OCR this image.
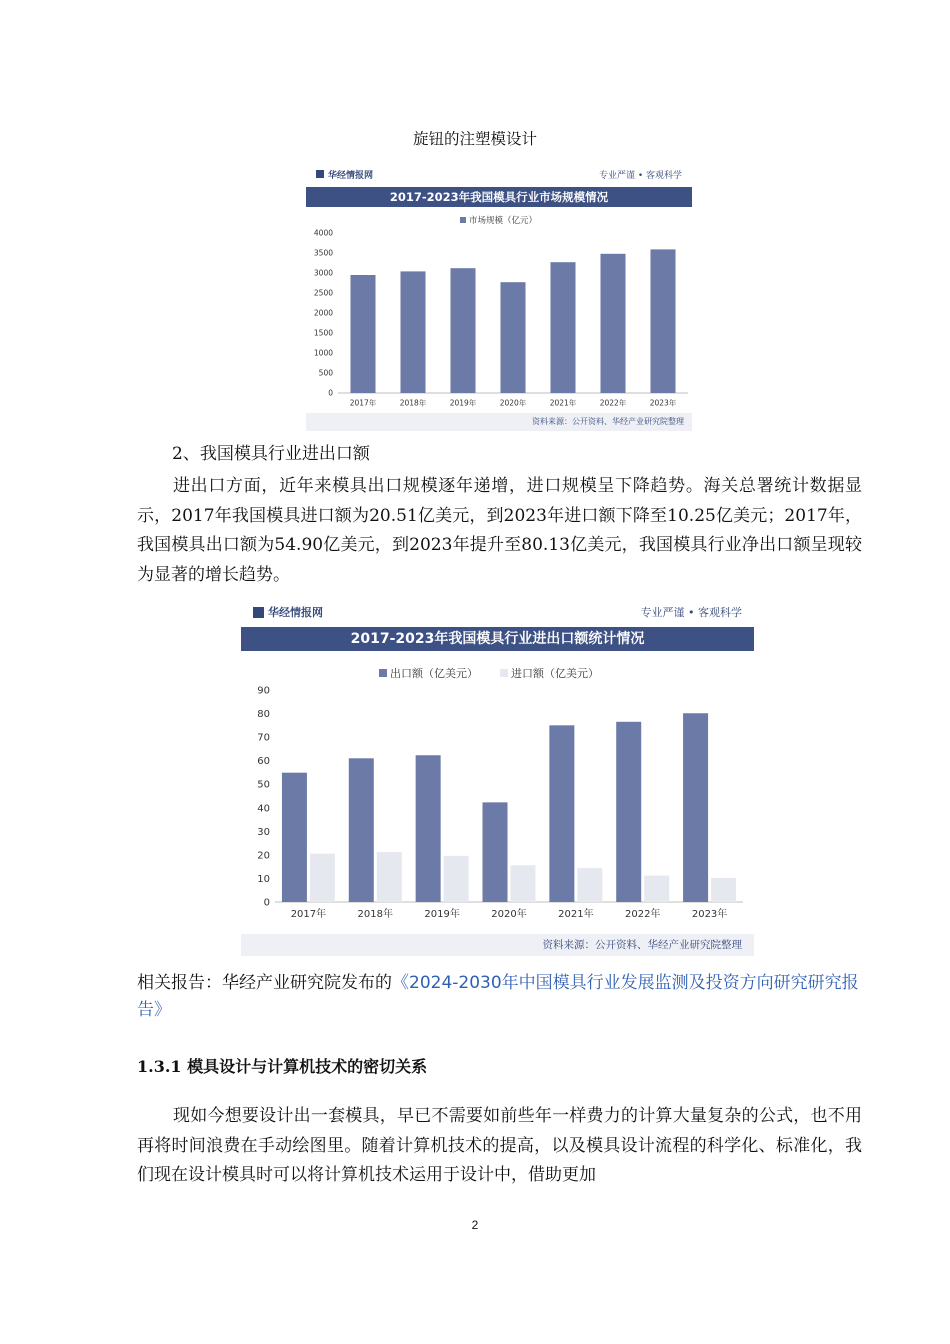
旋钮的注塑模设计
华经情报网	专业严谨 • 客观科学
2017-2023年我国模具行业市场规模情况
市场规模（亿元）
0
500
1000
1500
2000
2500
3000
3500
4000
2017年	2018年	2019年	2020年	2021年	2022年	2023年
资料来源：公开资料、华经产业研究院整理
2、我国模具行业进出口额
进出口方面，近年来模具出口规模逐年递增，进口规模呈下降趋势。海关总署统计数据显示，2017年我国模具进口额为20.51亿美元，到2023年进口额下降至10.25亿美元；2017年，我国模具出口额为54.90亿美元，到2023年提升至80.13亿美元，我国模具行业净出口额呈现较为显著的增长趋势。
华经情报网	专业严谨 • 客观科学
2017-2023年我国模具行业进出口额统计情况
出口额（亿美元）	进口额（亿美元）
0
10
20
30
40
50
60
70
80
90
2017年	2018年	2019年	2020年	2021年	2022年	2023年
资料来源：公开资料、华经产业研究院整理
相关报告：华经产业研究院发布的《2024-2030年中国模具行业发展监测及投资方向研究研究报告》
1.3.1 模具设计与计算机技术的密切关系
现如今想要设计出一套模具，早已不需要如前些年一样费力的计算大量复杂的公式，也不用再将时间浪费在手动绘图里。随着计算机技术的提高，以及模具设计流程的科学化、标准化，我们现在设计模具时可以将计算机技术运用于设计中，借助更加
2
